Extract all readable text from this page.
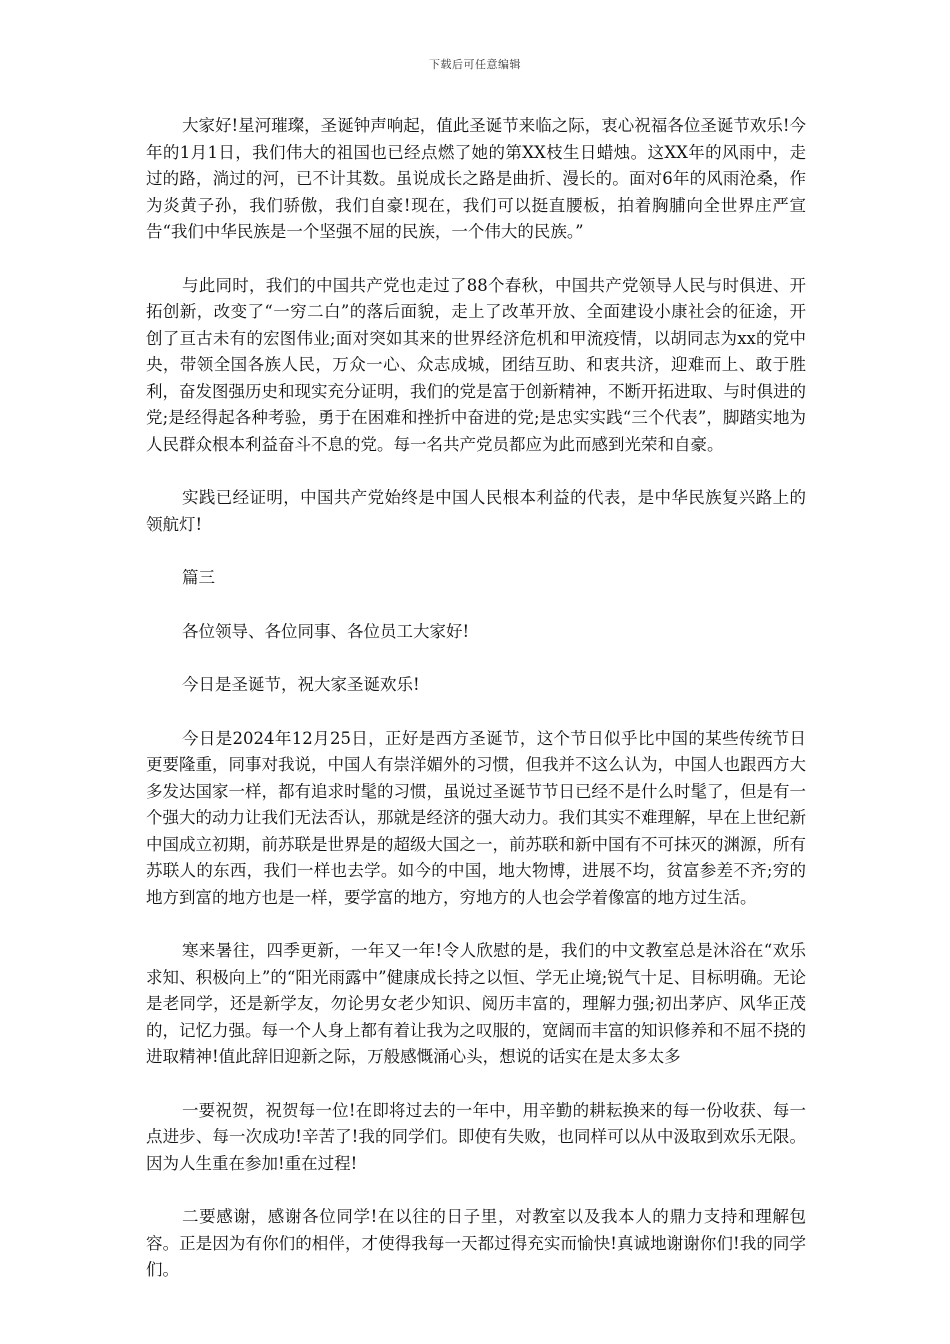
下载后可任意编辑

大家好!星河璀璨，圣诞钟声响起，值此圣诞节来临之际，衷心祝福各位圣诞节欢乐!今年的1月1日，我们伟大的祖国也已经点燃了她的第XX枝生日蜡烛。这XX年的风雨中，走过的路，淌过的河，已不计其数。虽说成长之路是曲折、漫长的。面对6年的风雨沧桑，作为炎黄子孙，我们骄傲，我们自豪!现在，我们可以挺直腰板，拍着胸脯向全世界庄严宣告“我们中华民族是一个坚强不屈的民族，一个伟大的民族。”

与此同时，我们的中国共产党也走过了88个春秋，中国共产党领导人民与时俱进、开拓创新，改变了“一穷二白”的落后面貌，走上了改革开放、全面建设小康社会的征途，开创了亘古未有的宏图伟业;面对突如其来的世界经济危机和甲流疫情，以胡同志为xx的党中央，带领全国各族人民，万众一心、众志成城，团结互助、和衷共济，迎难而上、敢于胜利，奋发图强历史和现实充分证明，我们的党是富于创新精神，不断开拓进取、与时俱进的党;是经得起各种考验，勇于在困难和挫折中奋进的党;是忠实实践“三个代表”，脚踏实地为人民群众根本利益奋斗不息的党。每一名共产党员都应为此而感到光荣和自豪。

实践已经证明，中国共产党始终是中国人民根本利益的代表，是中华民族复兴路上的领航灯!

篇三

各位领导、各位同事、各位员工大家好!

今日是圣诞节，祝大家圣诞欢乐!

今日是2024年12月25日，正好是西方圣诞节，这个节日似乎比中国的某些传统节日更要隆重，同事对我说，中国人有崇洋媚外的习惯，但我并不这么认为，中国人也跟西方大多发达国家一样，都有追求时髦的习惯，虽说过圣诞节节日已经不是什么时髦了，但是有一个强大的动力让我们无法否认，那就是经济的强大动力。我们其实不难理解，早在上世纪新中国成立初期，前苏联是世界是的超级大国之一，前苏联和新中国有不可抹灭的渊源，所有苏联人的东西，我们一样也去学。如今的中国，地大物博，进展不均，贫富参差不齐;穷的地方到富的地方也是一样，要学富的地方，穷地方的人也会学着像富的地方过生活。

寒来暑往，四季更新，一年又一年!令人欣慰的是，我们的中文教室总是沐浴在“欢乐求知、积极向上”的“阳光雨露中”健康成长持之以恒、学无止境;锐气十足、目标明确。无论是老同学，还是新学友，勿论男女老少知识、阅历丰富的，理解力强;初出茅庐、风华正茂的，记忆力强。每一个人身上都有着让我为之叹服的，宽阔而丰富的知识修养和不屈不挠的进取精神!值此辞旧迎新之际，万般感慨涌心头，想说的话实在是太多太多

一要祝贺，祝贺每一位!在即将过去的一年中，用辛勤的耕耘换来的每一份收获、每一点进步、每一次成功!辛苦了!我的同学们。即使有失败，也同样可以从中汲取到欢乐无限。因为人生重在参加!重在过程!

二要感谢，感谢各位同学!在以往的日子里，对教室以及我本人的鼎力支持和理解包容。正是因为有你们的相伴，才使得我每一天都过得充实而愉快!真诚地谢谢你们!我的同学们。
